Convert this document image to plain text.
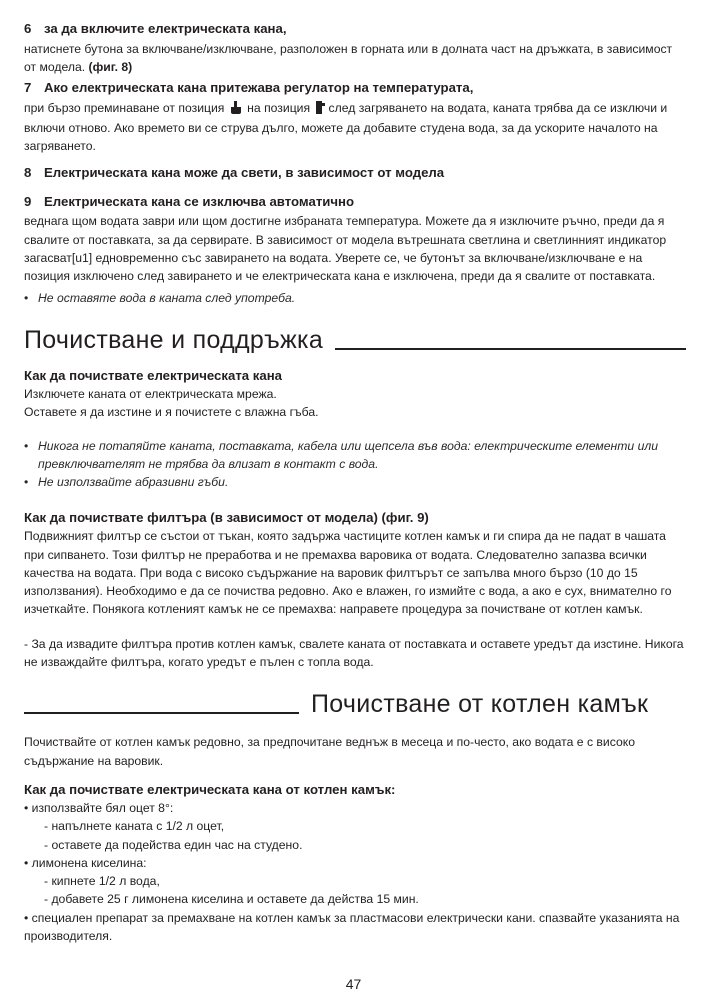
6 за да включите електрическата кана,

натиснете бутона за включване/изключване, разположен в горната или в долната част на дръжката, в зависимост от модела. (фиг. 8)

7 Ако електрическата кана притежава регулатор на температурата,

при бързо преминаване от позиция на позиция след загряването на водата, каната трябва да се изключи и включи отново. Ако времето ви се струва дълго, можете да добавите студена вода, за да ускорите началото на загряването.

8 Електрическата кана може да свети, в зависимост от модела

9 Електрическата кана се изключва автоматично

веднага щом водата заври или щом достигне избраната температура. Можете да я изключите ръчно, преди да я свалите от поставката, за да сервирате. В зависимост от модела вътрешната светлина и светлинният индикатор загасват[u1] едновременно със завирането на водата. Уверете се, че бутонът за включване/изключване е на позиция изключено след завирането и че електрическата кана е изключена, преди да я свалите от поставката.

• Не оставяте вода в каната след употреба.

Почистване и поддръжка

Как да почиствате електрическата кана

Изключете каната от електрическата мрежа.

Оставете я да изстине и я почистете с влажна гъба.

• Никога не потапяйте каната, поставката, кабела или щепсела във вода: електрическите елементи или превключвателят не трябва да влизат в контакт с вода.

• Не използвайте абразивни гъби.

Как да почиствате филтъра (в зависимост от модела) (фиг. 9)

Подвижният филтър се състои от тъкан, която задържа частиците котлен камък и ги спира да не падат в чашата при сипването. Този филтър не преработва и не премахва варовика от водата. Следователно запазва всички качества на водата. При вода с високо съдържание на варовик филтърът се запълва много бързо (10 до 15 използвания). Необходимо е да се почиства редовно. Ако е влажен, го измийте с вода, а ако е сух, внимателно го изчеткайте. Понякога котленият камък не се премахва: направете процедура за почистване от котлен камък.

- За да извадите филтъра против котлен камък, свалете каната от поставката и оставете уредът да изстине. Никога не изваждайте филтъра, когато уредът е пълен с топла вода.

Почистване от котлен камък

Почиствайте от котлен камък редовно, за предпочитане веднъж в месеца и по-често, ако водата е с високо съдържание на варовик.

Как да почиствате електрическата кана от котлен камък:

• използвайте бял оцет 8°:

- напълнете каната с 1/2 л оцет,

- оставете да подейства един час на студено.

• лимонена киселина:

- кипнете 1/2 л вода,

- добавете 25 г лимонена киселина и оставете да действа 15 мин.

• специален препарат за премахване на котлен камък за пластмасови електрически кани. спазвайте указанията на производителя.

47
